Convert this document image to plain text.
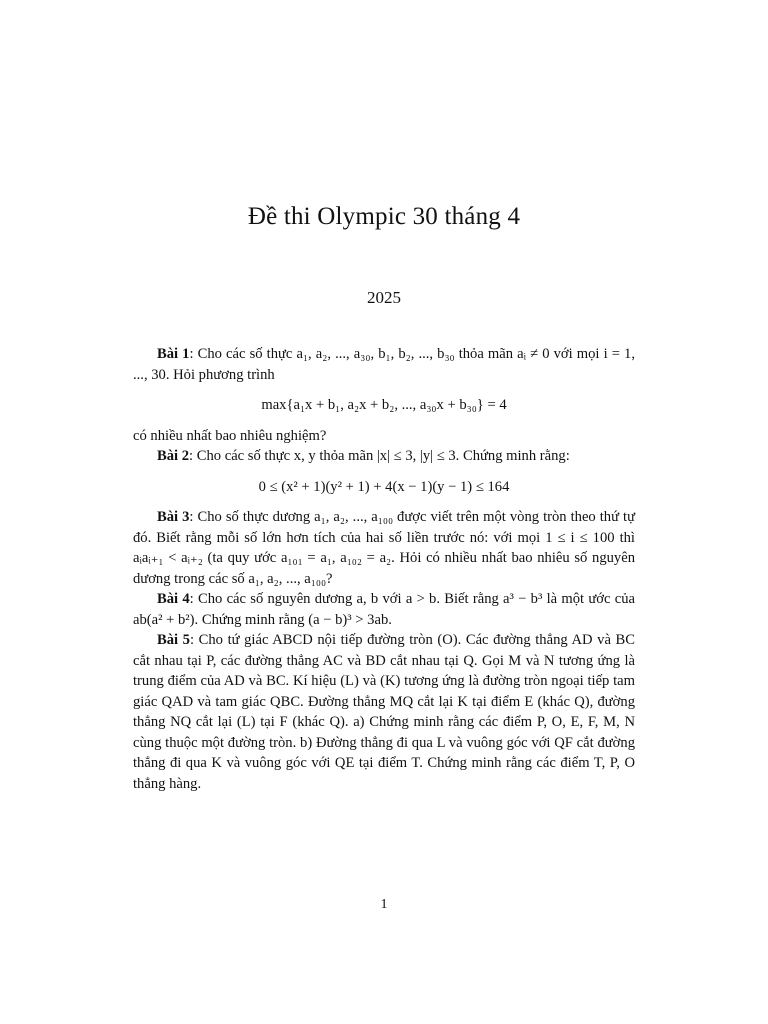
Đề thi Olympic 30 tháng 4
2025

Bài 1: Cho các số thực a₁, a₂, ..., a₃₀, b₁, b₂, ..., b₃₀ thỏa mãn aᵢ ≠ 0 với mọi i = 1, ..., 30. Hỏi phương trình

max{a₁x + b₁, a₂x + b₂, ..., a₃₀x + b₃₀} = 4

có nhiều nhất bao nhiêu nghiệm?

Bài 2: Cho các số thực x, y thỏa mãn |x| ≤ 3, |y| ≤ 3. Chứng minh rằng:

0 ≤ (x² + 1)(y² + 1) + 4(x − 1)(y − 1) ≤ 164

Bài 3: Cho số thực dương a₁, a₂, ..., a₁₀₀ được viết trên một vòng tròn theo thứ tự đó. Biết rằng mỗi số lớn hơn tích của hai số liền trước nó: với mọi 1 ≤ i ≤ 100 thì aᵢaᵢ₊₁ < aᵢ₊₂ (ta quy ước a₁₀₁ = a₁, a₁₀₂ = a₂. Hỏi có nhiều nhất bao nhiêu số nguyên dương trong các số a₁, a₂, ..., a₁₀₀?

Bài 4: Cho các số nguyên dương a, b với a > b. Biết rằng a³ − b³ là một ước của ab(a² + b²). Chứng minh rằng (a − b)³ > 3ab.

Bài 5: Cho tứ giác ABCD nội tiếp đường tròn (O). Các đường thẳng AD và BC cắt nhau tại P, các đường thẳng AC và BD cắt nhau tại Q. Gọi M và N tương ứng là trung điểm của AD và BC. Kí hiệu (L) và (K) tương ứng là đường tròn ngoại tiếp tam giác QAD và tam giác QBC. Đường thẳng MQ cắt lại K tại điểm E (khác Q), đường thẳng NQ cắt lại (L) tại F (khác Q). a) Chứng minh rằng các điểm P, O, E, F, M, N cùng thuộc một đường tròn. b) Đường thẳng đi qua L và vuông góc với QF cắt đường thẳng đi qua K và vuông góc với QE tại điểm T. Chứng minh rằng các điểm T, P, O thẳng hàng.

1
